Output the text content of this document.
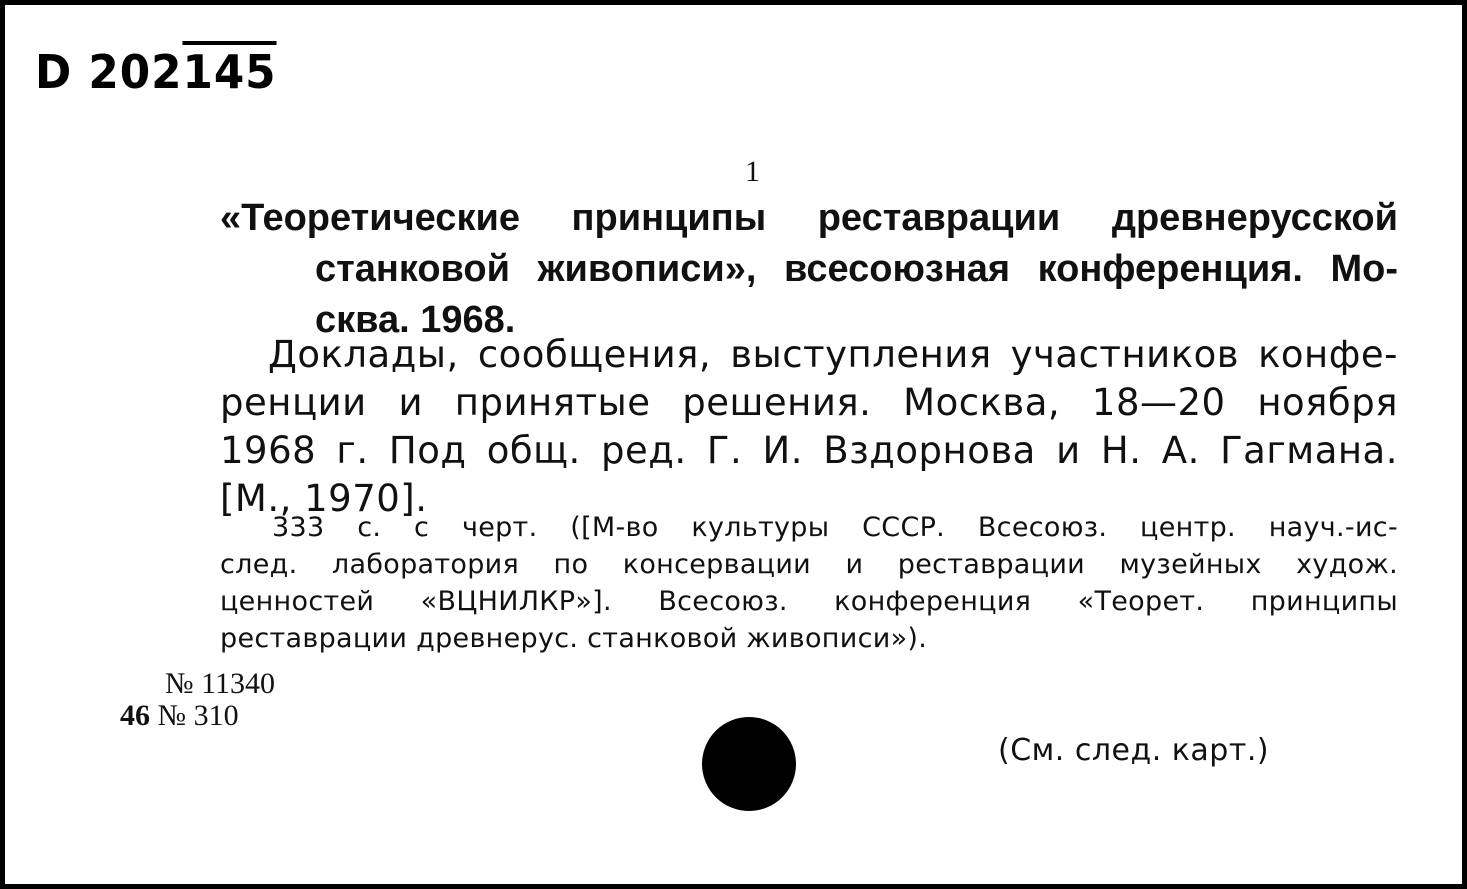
D 202145
1
«Теоретические принципы реставрации древнерусской
станковой живописи», всесоюзная конференция. Мо-
сква. 1968.
Доклады, сообщения, выступления участников конфе-
ренции и принятые решения. Москва, 18—20 ноября
1968 г. Под общ. ред. Г. И. Вздорнова и Н. А. Гагмана.
[М., 1970].
333 с. с черт. ([М-во культуры СССР. Всесоюз. центр. науч.-ис-
след. лаборатория по консервации и реставрации музейных худож.
ценностей «ВЦНИЛКР»]. Всесоюз. конференция «Теорет. принципы
реставрации древнерус. станковой живописи»).
№ 11340
46 № 310
(См. след. карт.)
